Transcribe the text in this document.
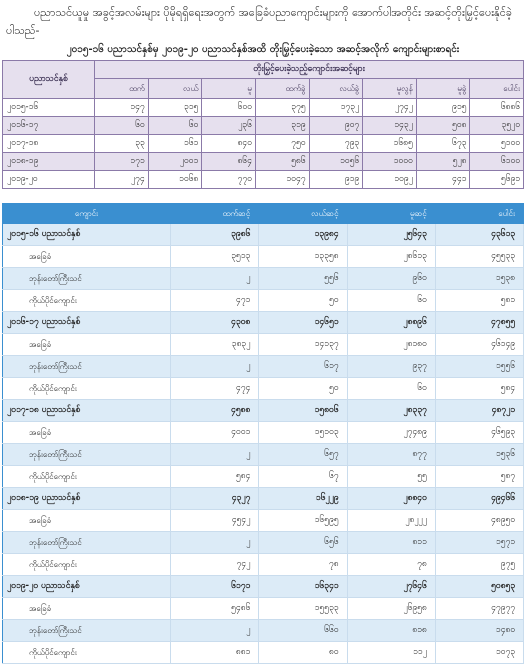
ပညာသင်ယူမှု အခွင့်အလမ်းများ ပိုမိုရရှိရေးအတွက် အခြေခံပညာကျောင်းများကို အောက်ပါအတိုင်း အဆင့်တိုးမြှင့်ပေးနိုင်ခဲ့ပါသည်-
၂၀၁၅-၁၆ ပညာသင်နှစ်မှ ၂၀၁၉-၂၀ ပညာသင်နှစ်အထိ တိုးမြှင့်ပေးခဲ့သော အဆင့်အလိုက် ကျောင်းများစာရင်း
ပညာသင်နှစ်	တိုးမြှင့်ပေးခဲ့သည့်ကျောင်းအဆင့်များ							
	ထက်	လယ်	မူ	ထက်ခွဲ	လယ်ခွဲ	မူလွန်	မူခွဲ	ပေါင်း
၂၀၁၅-၁၆	၁၄၇	၃၁၅	၆၀၀	၃၇၅	၁၇၃၂	၂၇၄၂	၉၁၅	၆၈၈၆
၂၀၁၆-၁၇	၆၀	၆၀	၂၃၆	၃၁၉	၉၀၇	၁၄၃၂	၅၀၈	၃၅၂၀
၂၀၁၇-၁၈	၃၃	၁၆၁	၈၄၀	၇၅၀	၇၉၃	၁၆၈၅	၆၇၃	၅၁၀၀
၂၀၁၈-၁၉	၁၇၁	၂၀၀၁	၈၆၄	၅၈၆	၁၀၅၆	၁၀၀၀	၅၂၈	၆၁၀၀
၂၀၁၉-၂၀	၂၇၄	၁၀၆၈	၇၇၀	၁၀၄၇	၉၁၉	၁၀၉၂	၄၄၁	၅၆၉၁
ကျောင်း	ထက်ဆင့်	လယ်ဆင့်	မူဆင့်	ပေါင်း
၂၀၁၅-၁၆ ပညာသင်နှစ်	၃၉၈၆	၁၃၉၈၄	၂၅၆၄၃	၄၃၆၁၃
အခြေခံ	၃၅၁၃	၁၃၃၅၈	၂၈၆၁၃	၄၅၅၃၃
ဘုန်းတော်ကြီးသင်	၂	၅၅၆	၉၆၀	၁၅၃၈
ကိုယ်ပိုင်ကျောင်း	၄၇၁	၅၀	၆၀	၅၈၁
၂၀၁၆-၁၇ ပညာသင်နှစ်	၄၃၀၈	၁၄၆၅၁	၂၈၈၉၆	၄၇၈၅၅
အခြေခံ	၃၈၃၂	၁၄၁၃၇	၂၈၁၈၀	၄၆၁၄၉
ဘုန်းတော်ကြီးသင်	၂	၆၁၇	၉၃၇	၁၅၅၆
ကိုယ်ပိုင်ကျောင်း	၄၇၄	၅၀	၆၀	၅၈၄
၂၀၁၇-၁၈ ပညာသင်နှစ်	၄၅၈၈	၁၅၈၀၆	၂၈၃၃၇	၄၈၇၂၁
အခြေခံ	၄၀၀၁	၁၅၁၀၃	၂၇၄၈၉	၄၆၅၉၃
ဘုန်းတော်ကြီးသင်	၂	၆၅၇	၈၇၇	၁၅၃၆
ကိုယ်ပိုင်ကျောင်း	၅၈၄	၆၇	၅၅	၅၈၇
၂၀၁၈-၁၉ ပညာသင်နှစ်	၄၃၂၇	၁၆၂၂၉	၂၈၈၄၀	၄၉၄၆၆
အခြေခံ	၄၅၄၂	၁၆၅၉၅	၂၈၂၂၂	၄၈၉၅၀
ဘုန်းတော်ကြီးသင်	၂	၆၅၆	၈၁၁	၁၅၇၁
ကိုယ်ပိုင်ကျောင်း	၇၄၂	၇၈	၇၈	၉၇၅
၂၀၁၉-၂၀ ပညာသင်နှစ်	၆၁၇၁	၁၆၃၄၁	၂၇၆၄၆	၅၀၈၅၃
အခြေခံ	၅၄၈၆	၁၅၅၃၃	၂၆၉၅၈	၄၇၉၇၇
ဘုန်းတော်ကြီးသင်	၂	၆၆၀	၈၁၈	၁၄၈၀
ကိုယ်ပိုင်ကျောင်း	၈၈၁	၈၀	၁၁၂	၁၀၇၃
